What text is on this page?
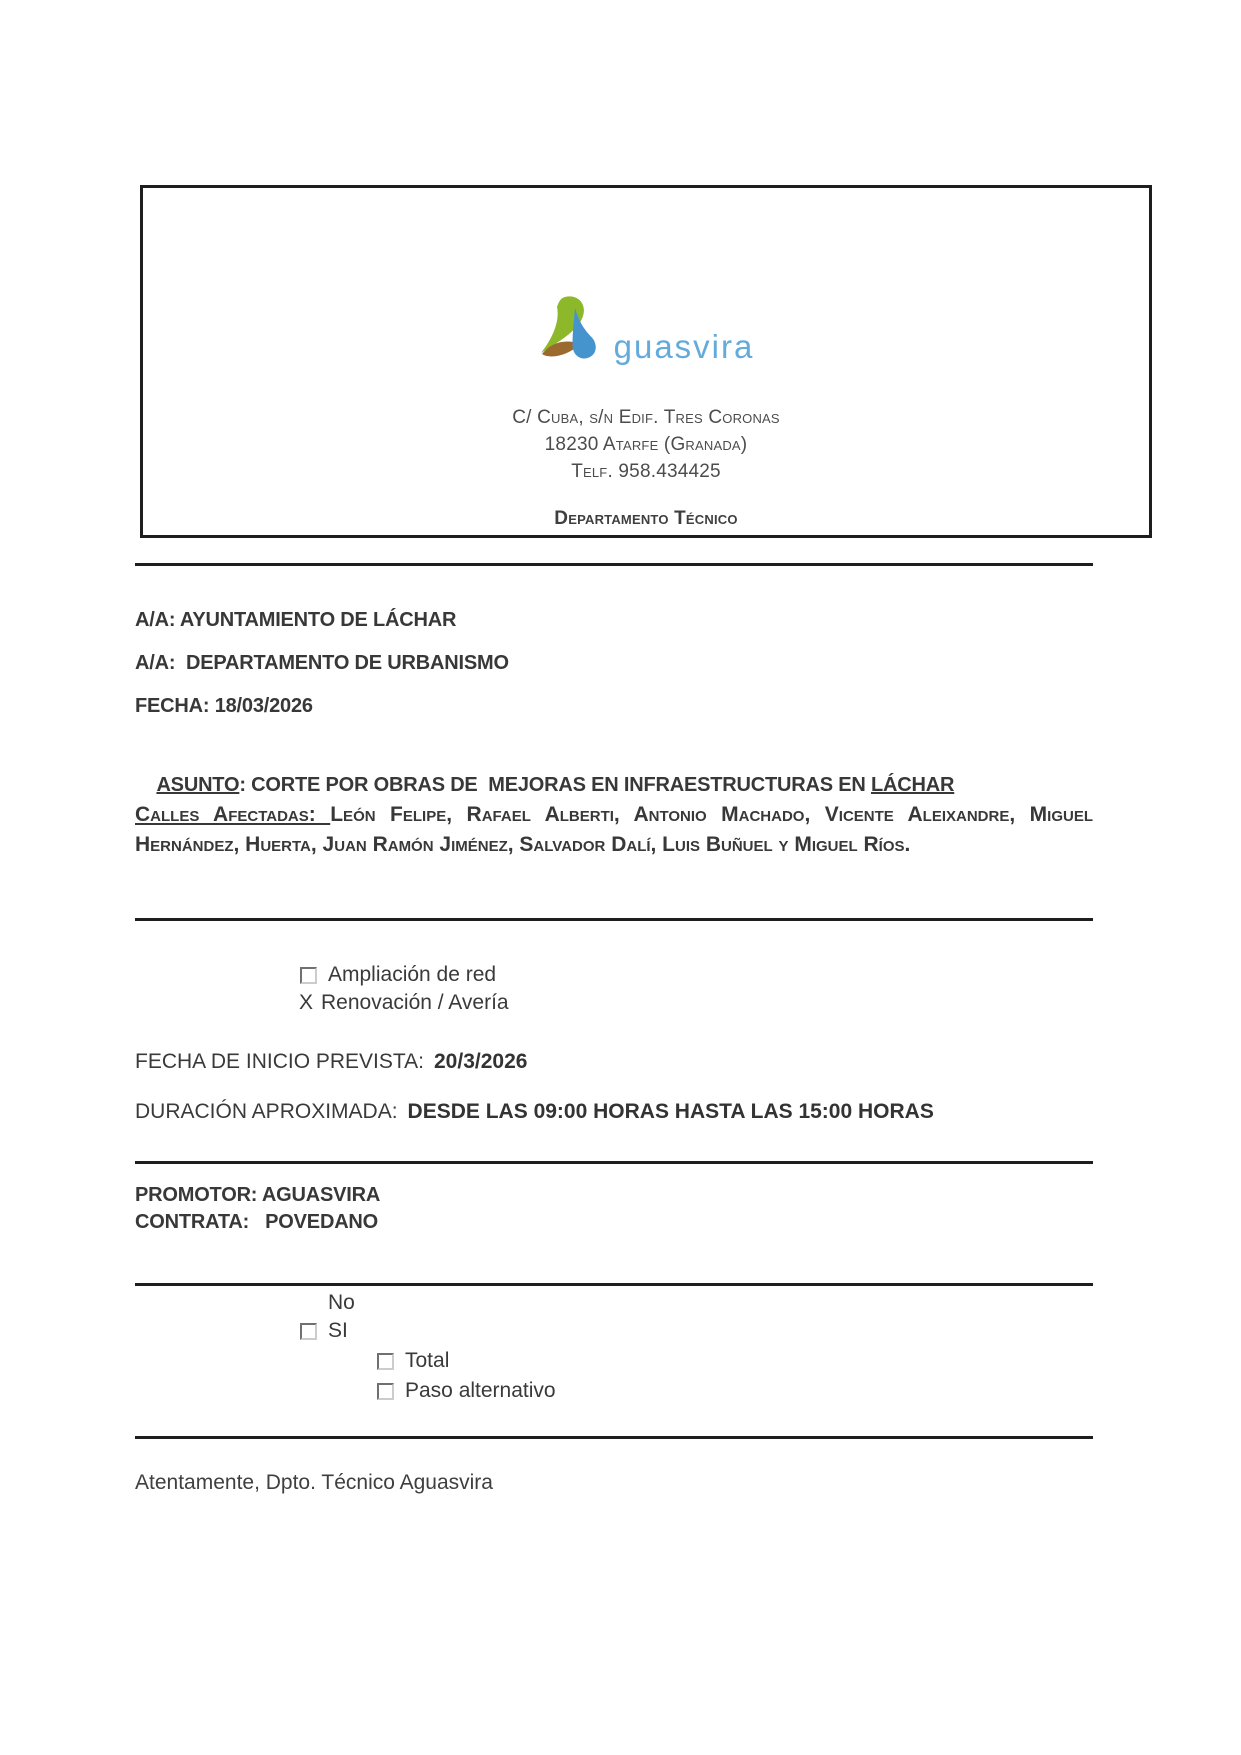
guasvira
C/ Cuba, s/n Edif. Tres Coronas
18230 Atarfe (Granada)
Telf. 958.434425
Departamento Técnico
A/A: AYUNTAMIENTO DE LÁCHAR
A/A:  DEPARTAMENTO DE URBANISMO
FECHA: 18/03/2026

ASUNTO: CORTE POR OBRAS DE  MEJORAS EN INFRAESTRUCTURAS EN LÁCHAR

Calles Afectadas: León Felipe, Rafael Alberti, Antonio Machado, Vicente Aleixandre, Miguel Hernández, Huerta, Juan Ramón Jiménez, Salvador Dalí, Luis Buñuel y Miguel Ríos.
Ampliación de red
X Renovación / Avería
FECHA DE INICIO PREVISTA: 20/3/2026
DURACIÓN APROXIMADA: DESDE LAS 09:00 HORAS HASTA LAS 15:00 HORAS
PROMOTOR: AGUASVIRA
CONTRATA:   POVEDANO
No
SI
Total
Paso alternativo
Atentamente, Dpto. Técnico Aguasvira
